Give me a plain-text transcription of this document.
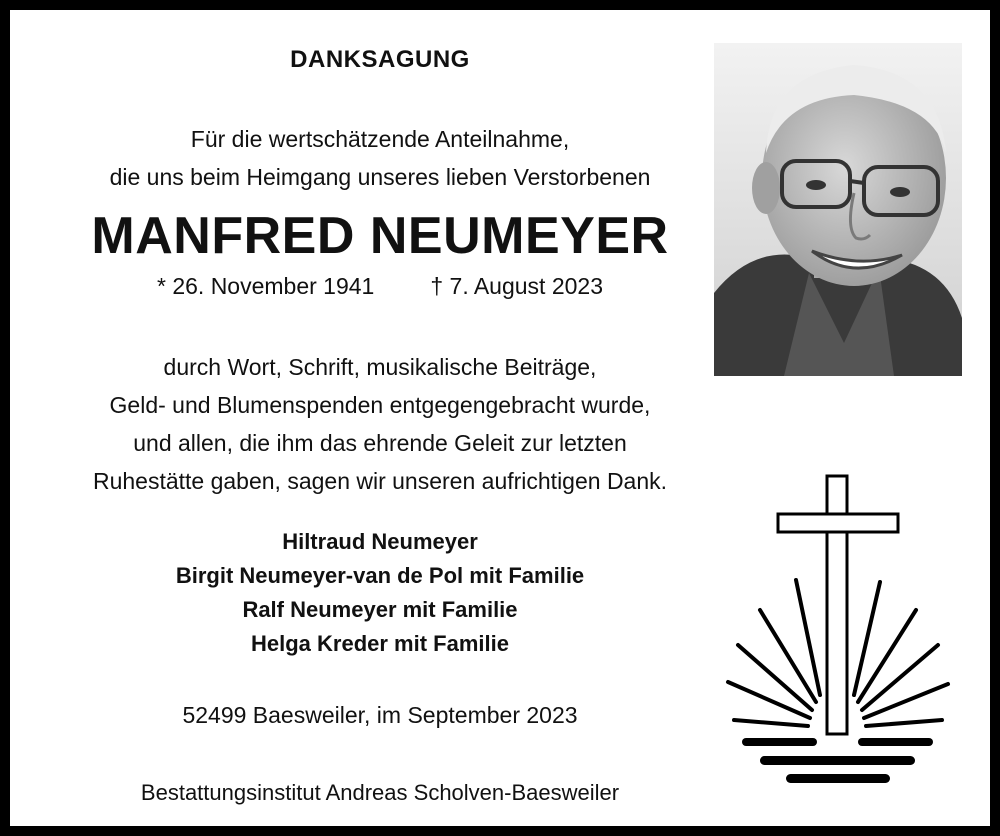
DANKSAGUNG
Für die wertschätzende Anteilnahme,
die uns beim Heimgang unseres lieben Verstorbenen
MANFRED NEUMEYER
* 26. November 1941 † 7. August 2023
durch Wort, Schrift, musikalische Beiträge,
Geld- und Blumenspenden entgegengebracht wurde,
und allen, die ihm das ehrende Geleit zur letzten
Ruhestätte gaben, sagen wir unseren aufrichtigen Dank.
Hiltraud Neumeyer
Birgit Neumeyer-van de Pol mit Familie
Ralf Neumeyer mit Familie
Helga Kreder mit Familie
52499 Baesweiler, im September 2023
Bestattungsinstitut Andreas Scholven-Baesweiler
